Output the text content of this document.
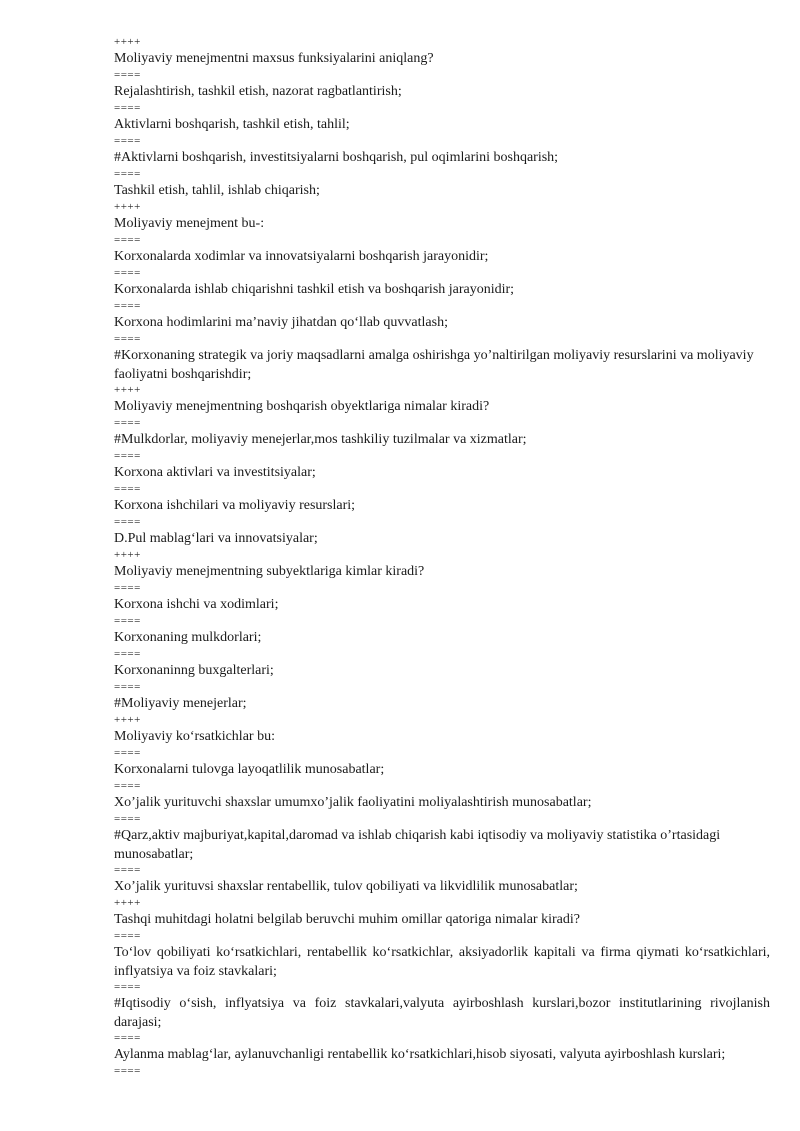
++++
Moliyaviy menejmentni maxsus funksiyalarini aniqlang?
====
Rejalashtirish, tashkil etish, nazorat ragbatlantirish;
====
Aktivlarni boshqarish, tashkil etish, tahlil;
====
#Aktivlarni boshqarish, investitsiyalarni boshqarish, pul oqimlarini boshqarish;
====
Tashkil etish, tahlil, ishlab chiqarish;
++++
Moliyaviy menejment bu-:
====
Korxonalarda xodimlar va innovatsiyalarni boshqarish jarayonidir;
====
Korxonalarda ishlab chiqarishni tashkil etish va boshqarish jarayonidir;
====
Korxona hodimlarini ma’naviy jihatdan qo‘llab quvvatlash;
====
#Korxonaning strategik va joriy maqsadlarni amalga oshirishga yo’naltirilgan moliyaviy resurslarini va moliyaviy faoliyatni boshqarishdir;
++++
Moliyaviy menejmentning boshqarish obyektlariga nimalar kiradi?
====
#Mulkdorlar, moliyaviy menejerlar,mos tashkiliy tuzilmalar va xizmatlar;
====
Korxona aktivlari va investitsiyalar;
====
Korxona ishchilari va moliyaviy resurslari;
====
D.Pul mablag‘lari va innovatsiyalar;
++++
Moliyaviy menejmentning subyektlariga kimlar kiradi?
====
Korxona ishchi va xodimlari;
====
Korxonaning mulkdorlari;
====
Korxonaninng buxgalterlari;
====
#Moliyaviy menejerlar;
++++
Moliyaviy ko‘rsatkichlar bu:
====
Korxonalarni tulovga layoqatlilik munosabatlar;
====
Xo’jalik yurituvchi shaxslar umumxo’jalik faoliyatini moliyalashtirish munosabatlar;
====
#Qarz,aktiv majburiyat,kapital,daromad va ishlab chiqarish kabi iqtisodiy va moliyaviy statistika o’rtasidagi munosabatlar;
====
Xo’jalik yurituvsi shaxslar rentabellik, tulov qobiliyati va likvidlilik munosabatlar;
++++
Tashqi muhitdagi holatni belgilab beruvchi muhim omillar qatoriga nimalar kiradi?
====
To‘lov qobiliyati ko‘rsatkichlari, rentabellik ko‘rsatkichlar, aksiyadorlik kapitali va firma qiymati ko‘rsatkichlari, inflyatsiya va foiz stavkalari;
====
#Iqtisodiy o‘sish, inflyatsiya va foiz stavkalari,valyuta ayirboshlash kurslari,bozor institutlarining rivojlanish darajasi;
====
Aylanma mablag‘lar, aylanuvchanligi rentabellik ko‘rsatkichlari,hisob siyosati, valyuta ayirboshlash kurslari;
====
